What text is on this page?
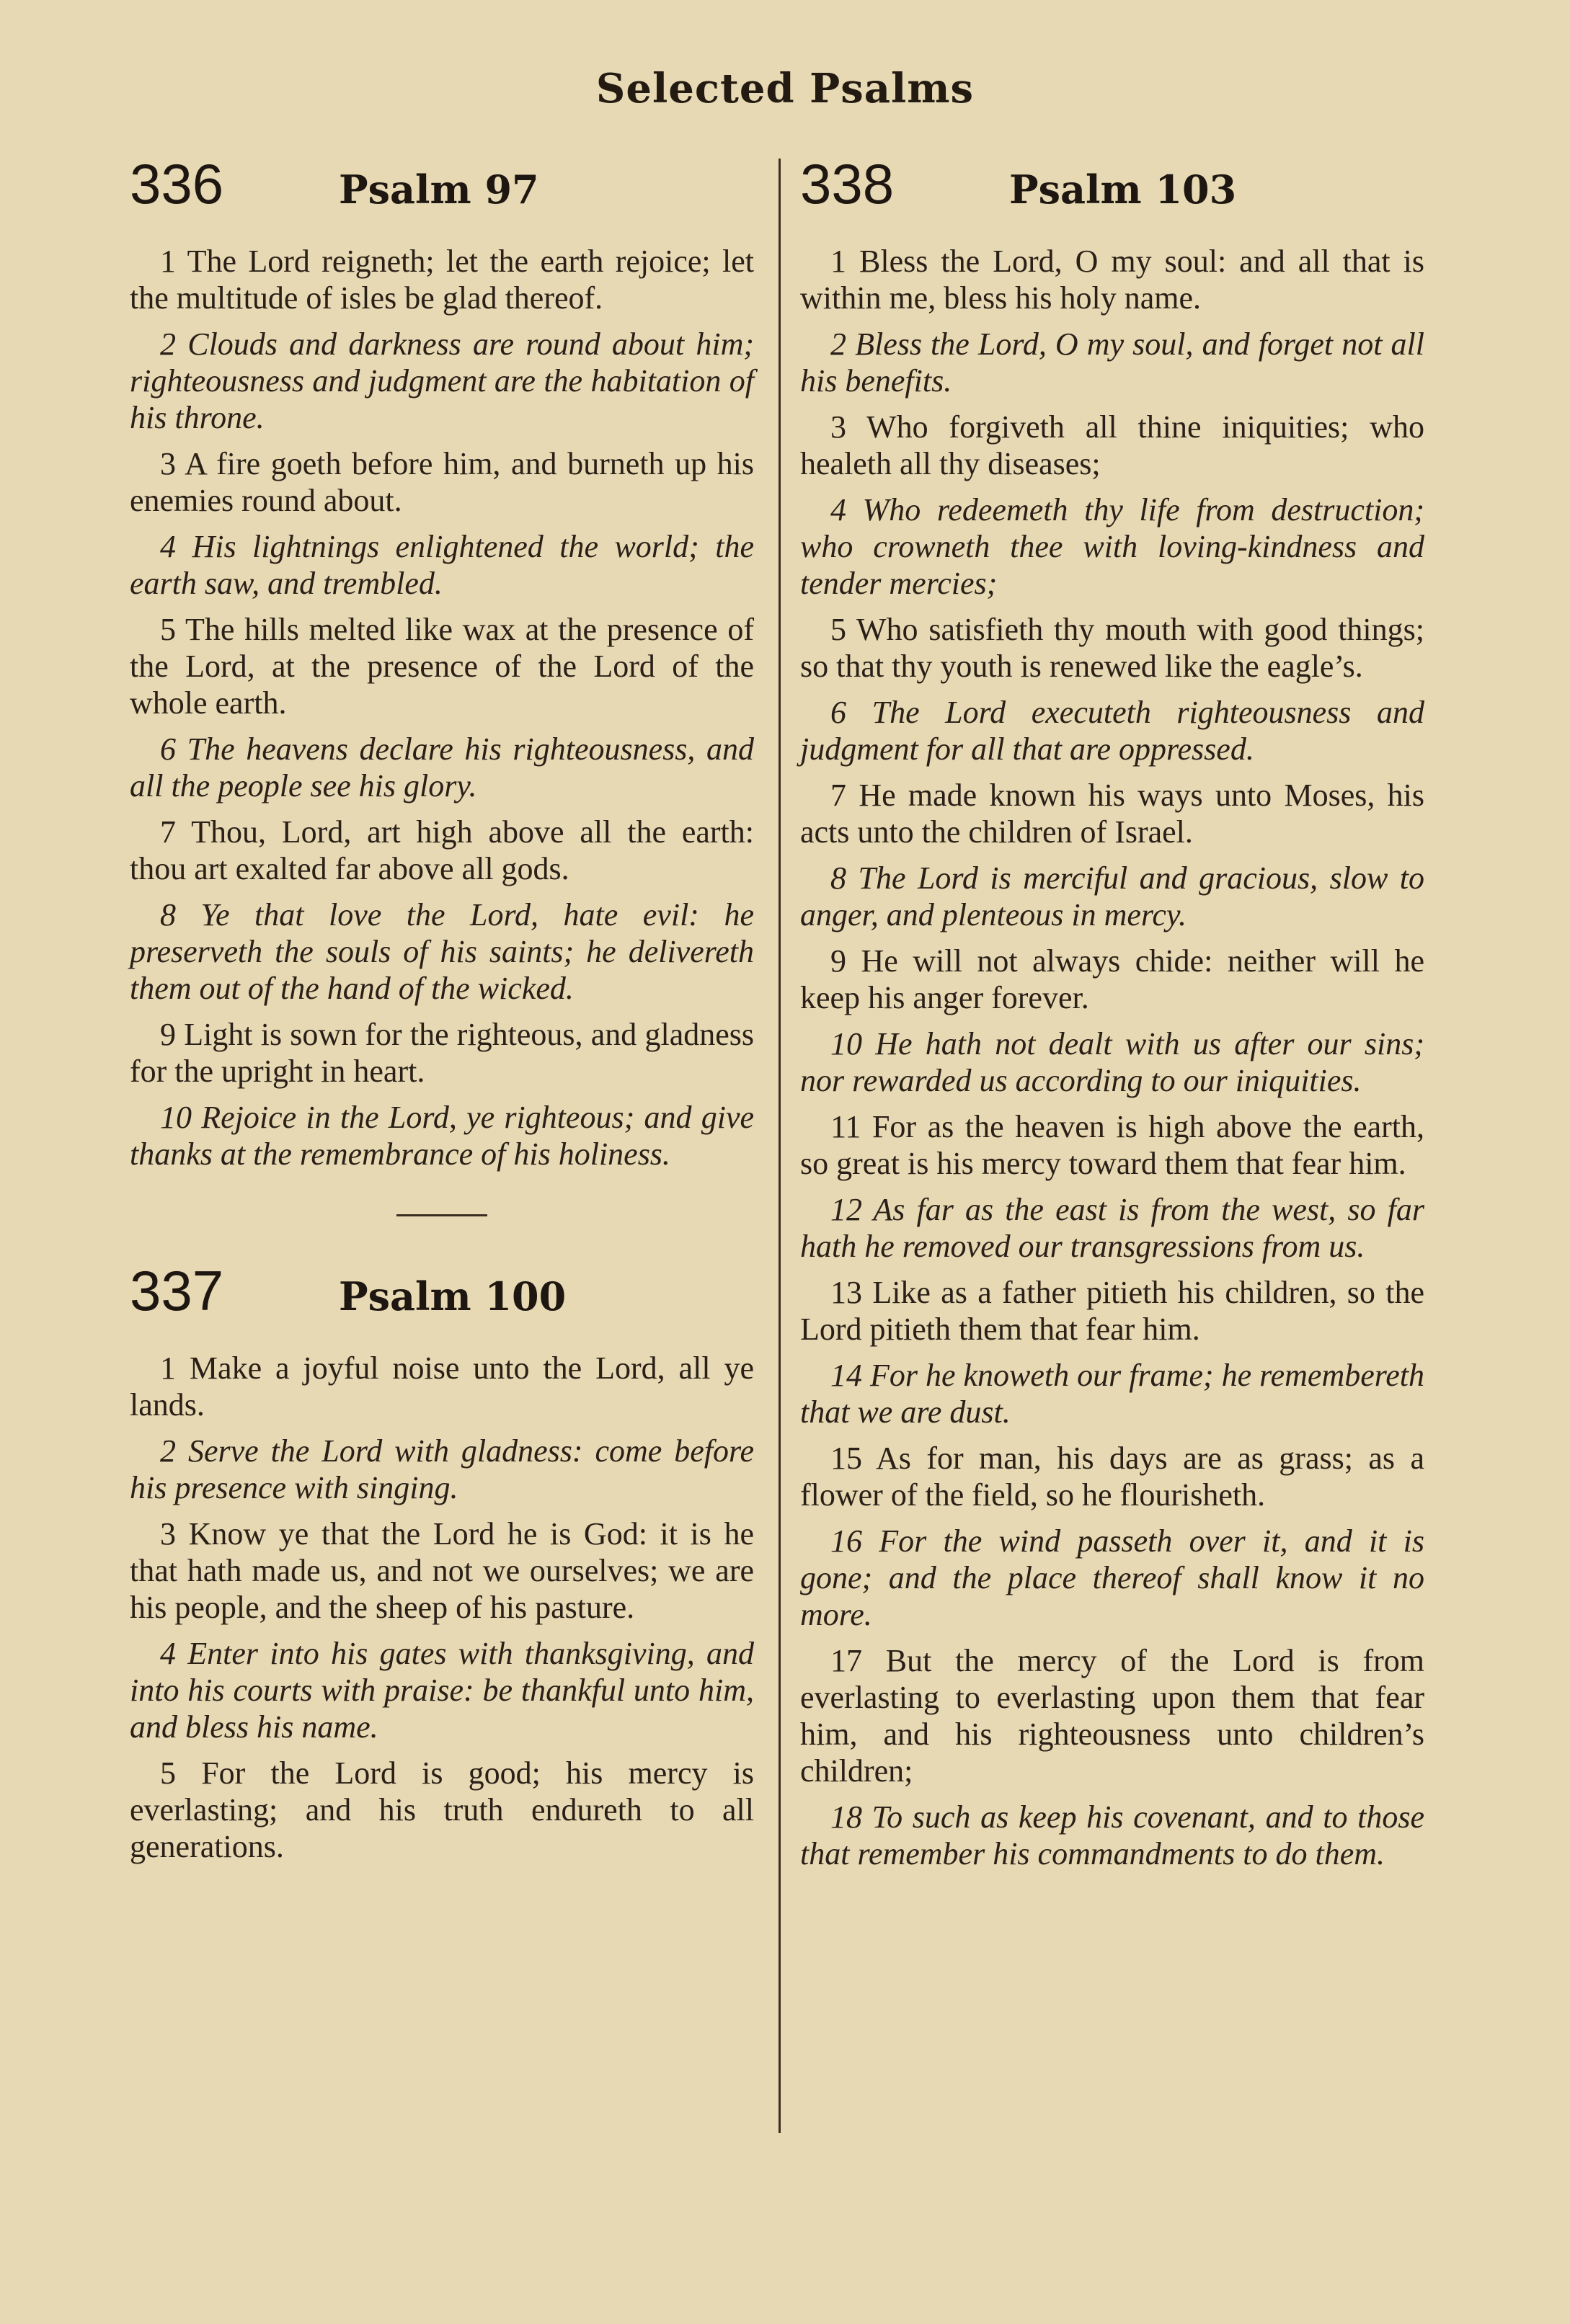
Selected Psalms
336	Psalm 97

1 The Lord reigneth; let the earth rejoice; let the multitude of isles be glad thereof.

2 Clouds and darkness are round about him; righteousness and judgment are the habitation of his throne.

3 A fire goeth before him, and burneth up his enemies round about.

4 His lightnings enlightened the world; the earth saw, and trembled.

5 The hills melted like wax at the presence of the Lord, at the presence of the Lord of the whole earth.

6 The heavens declare his righteousness, and all the people see his glory.

7 Thou, Lord, art high above all the earth: thou art exalted far above all gods.

8 Ye that love the Lord, hate evil: he preserveth the souls of his saints; he delivereth them out of the hand of the wicked.

9 Light is sown for the righteous, and gladness for the upright in heart.

10 Rejoice in the Lord, ye righteous; and give thanks at the remembrance of his holiness.

337	Psalm 100

1 Make a joyful noise unto the Lord, all ye lands.

2 Serve the Lord with gladness: come before his presence with singing.

3 Know ye that the Lord he is God: it is he that hath made us, and not we ourselves; we are his people, and the sheep of his pasture.

4 Enter into his gates with thanksgiving, and into his courts with praise: be thankful unto him, and bless his name.

5 For the Lord is good; his mercy is everlasting; and his truth endureth to all generations.

338	Psalm 103

1 Bless the Lord, O my soul: and all that is within me, bless his holy name.

2 Bless the Lord, O my soul, and forget not all his benefits.

3 Who forgiveth all thine iniquities; who healeth all thy diseases;

4 Who redeemeth thy life from destruction; who crowneth thee with loving-kindness and tender mercies;

5 Who satisfieth thy mouth with good things; so that thy youth is renewed like the eagle’s.

6 The Lord executeth righteousness and judgment for all that are oppressed.

7 He made known his ways unto Moses, his acts unto the children of Israel.

8 The Lord is merciful and gracious, slow to anger, and plenteous in mercy.

9 He will not always chide: neither will he keep his anger forever.

10 He hath not dealt with us after our sins; nor rewarded us according to our iniquities.

11 For as the heaven is high above the earth, so great is his mercy toward them that fear him.

12 As far as the east is from the west, so far hath he removed our transgressions from us.

13 Like as a father pitieth his children, so the Lord pitieth them that fear him.

14 For he knoweth our frame; he remembereth that we are dust.

15 As for man, his days are as grass; as a flower of the field, so he flourisheth.

16 For the wind passeth over it, and it is gone; and the place thereof shall know it no more.

17 But the mercy of the Lord is from everlasting to everlasting upon them that fear him, and his righteousness unto children’s children;

18 To such as keep his covenant, and to those that remember his commandments to do them.
